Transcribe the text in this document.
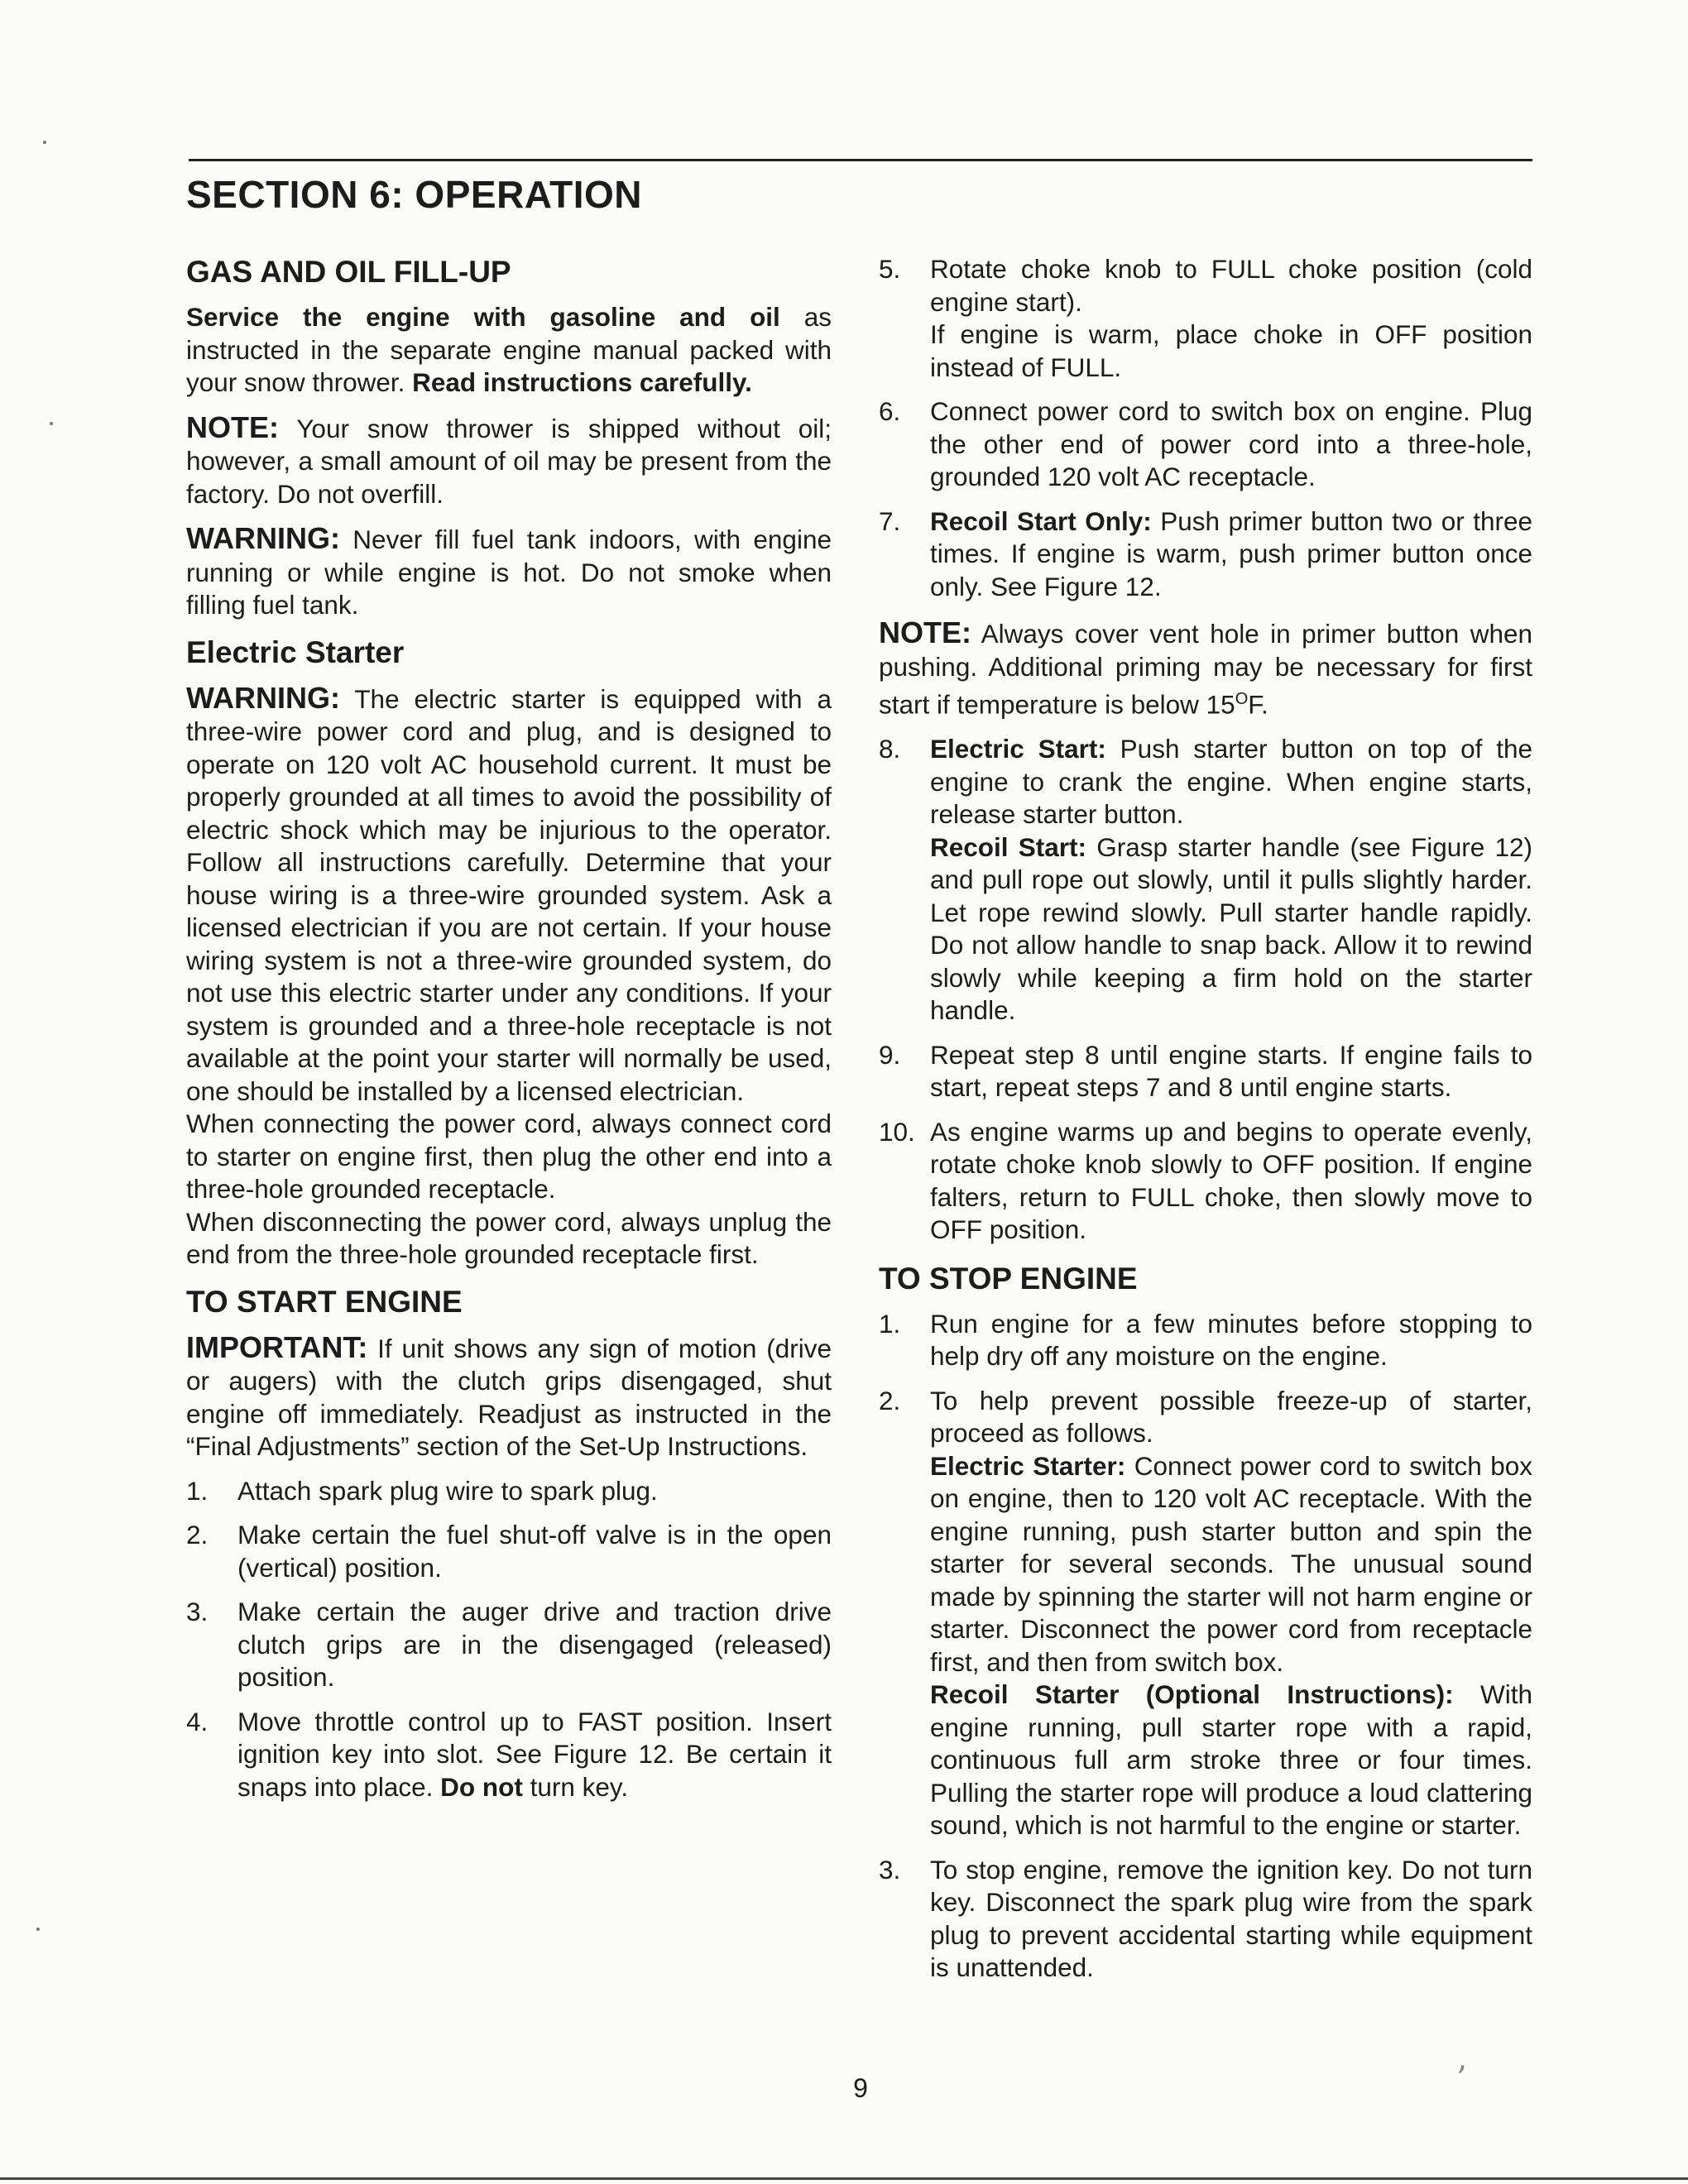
SECTION 6: OPERATION
GAS AND OIL FILL-UP

Service the engine with gasoline and oil as instructed in the separate engine manual packed with your snow thrower. Read instructions carefully.

NOTE: Your snow thrower is shipped without oil; however, a small amount of oil may be present from the factory. Do not overfill.

WARNING: Never fill fuel tank indoors, with engine running or while engine is hot. Do not smoke when filling fuel tank.

Electric Starter

WARNING: The electric starter is equipped with a three-wire power cord and plug, and is designed to operate on 120 volt AC household current. It must be properly grounded at all times to avoid the possibility of electric shock which may be injurious to the operator. Follow all instructions carefully. Determine that your house wiring is a three-wire grounded system. Ask a licensed electrician if you are not certain. If your house wiring system is not a three-wire grounded system, do not use this electric starter under any conditions. If your system is grounded and a three-hole receptacle is not available at the point your starter will normally be used, one should be installed by a licensed electrician.

When connecting the power cord, always connect cord to starter on engine first, then plug the other end into a three-hole grounded receptacle.

When disconnecting the power cord, always unplug the end from the three-hole grounded receptacle first.

TO START ENGINE

IMPORTANT: If unit shows any sign of motion (drive or augers) with the clutch grips disengaged, shut engine off immediately. Readjust as instructed in the “Final Adjustments” section of the Set-Up Instructions.

1. Attach spark plug wire to spark plug.
2. Make certain the fuel shut-off valve is in the open (vertical) position.
3. Make certain the auger drive and traction drive clutch grips are in the disengaged (released) position.
4. Move throttle control up to FAST position. Insert ignition key into slot. See Figure 12. Be certain it snaps into place. Do not turn key.
5. Rotate choke knob to FULL choke position (cold engine start).
If engine is warm, place choke in OFF position instead of FULL.
6. Connect power cord to switch box on engine. Plug the other end of power cord into a three-hole, grounded 120 volt AC receptacle.
7. Recoil Start Only: Push primer button two or three times. If engine is warm, push primer button once only. See Figure 12.

NOTE: Always cover vent hole in primer button when pushing. Additional priming may be necessary for first start if temperature is below $15^OF$.

8. Electric Start: Push starter button on top of the engine to crank the engine. When engine starts, release starter button.
Recoil Start: Grasp starter handle (see Figure 12) and pull rope out slowly, until it pulls slightly harder. Let rope rewind slowly. Pull starter handle rapidly. Do not allow handle to snap back. Allow it to rewind slowly while keeping a firm hold on the starter handle.
9. Repeat step 8 until engine starts. If engine fails to start, repeat steps 7 and 8 until engine starts.
10. As engine warms up and begins to operate evenly, rotate choke knob slowly to OFF position. If engine falters, return to FULL choke, then slowly move to OFF position.
TO STOP ENGINE
1. Run engine for a few minutes before stopping to help dry off any moisture on the engine.
2. To help prevent possible freeze-up of starter, proceed as follows.
Electric Starter: Connect power cord to switch box on engine, then to 120 volt AC receptacle. With the engine running, push starter button and spin the starter for several seconds. The unusual sound made by spinning the starter will not harm engine or starter. Disconnect the power cord from receptacle first, and then from switch box.
Recoil Starter (Optional Instructions): With engine running, pull starter rope with a rapid, continuous full arm stroke three or four times. Pulling the starter rope will produce a loud clattering sound, which is not harmful to the engine or starter.
3. To stop engine, remove the ignition key. Do not turn key. Disconnect the spark plug wire from the spark plug to prevent accidental starting while equipment is unattended.
9	’
